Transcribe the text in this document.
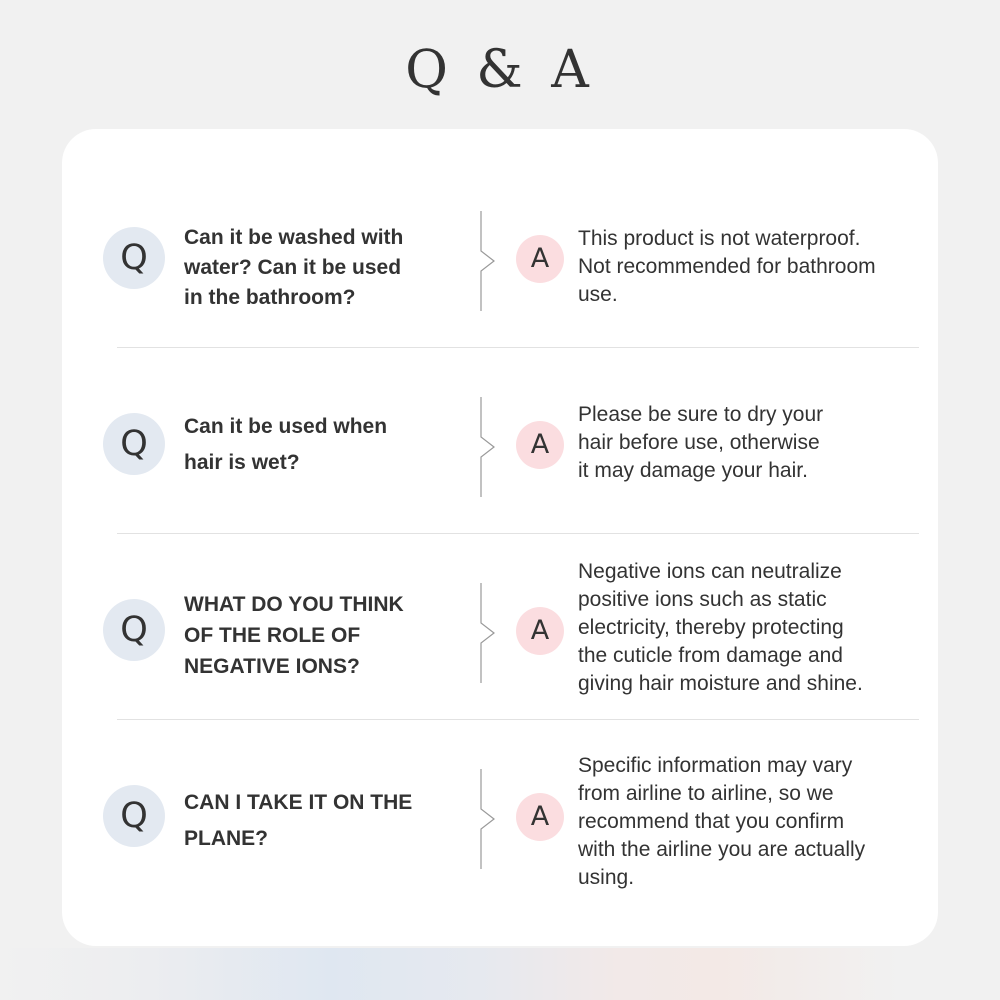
Q & A
Q
Can it be washed with
water? Can it be used
in the bathroom?
A
This product is not waterproof.
Not recommended for bathroom
use.
Q	Can it be used when
hair is wet?
A
Please be sure to dry your
hair before use, otherwise
it may damage your hair.
Q
WHAT DO YOU THINK
OF THE ROLE OF
NEGATIVE IONS?
A
Negative ions can neutralize
positive ions such as static
electricity, thereby protecting
the cuticle from damage and
giving hair moisture and shine.
Q	CAN I TAKE IT ON THE
PLANE?
A
Specific information may vary
from airline to airline, so we
recommend that you confirm
with the airline you are actually
using.
